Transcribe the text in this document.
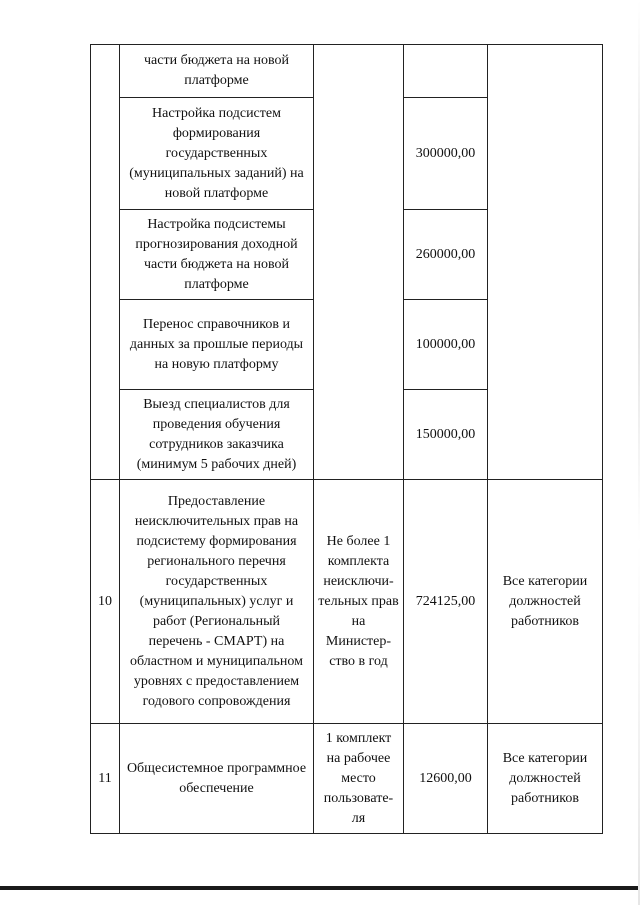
	части бюджета на новой платформе			

	Настройка подсистем формирования государственных (муниципальных заданий) на новой платформе		300000,00	

	Настройка подсистемы прогнозирования доходной части бюджета на новой платформе		260000,00	

	Перенос справочников и данных за прошлые периоды на новую платформу		100000,00	

	Выезд специалистов для проведения обучения сотрудников заказчика (минимум 5 рабочих дней)		150000,00	
10	Предоставление неисключительных прав на подсистему формирования регионального перечня государственных (муниципальных) услуг и работ (Региональный перечень - СМАРТ) на областном и муниципальном уровнях с предоставлением годового сопровождения	Не более 1 комплекта неисключи-тельных прав на Министер-ство в год	724125,00	Все категории должностей работников
11	Общесистемное программное обеспечение	1 комплект на рабочее место пользовате-ля	12600,00	Все категории должностей работников
